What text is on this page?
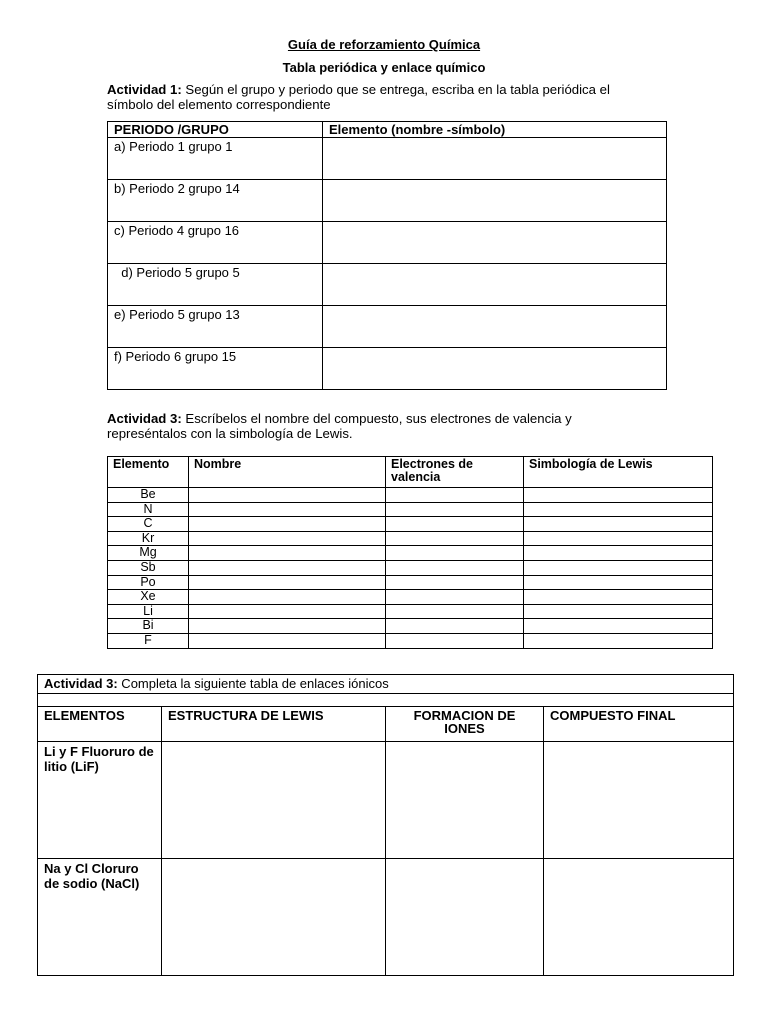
Guía de reforzamiento Química
Tabla periódica y enlace químico
Actividad 1: Según el grupo y periodo que se entrega, escriba en la tabla periódica el símbolo del elemento correspondiente
PERIODO /GRUPO	Elemento (nombre -símbolo)
a) Periodo 1 grupo 1	
b) Periodo 2 grupo 14	
c) Periodo 4 grupo 16	
d) Periodo 5 grupo 5	
e) Periodo 5 grupo 13	
f) Periodo 6 grupo 15	
Actividad 3: Escríbelos el nombre del compuesto, sus electrones de valencia y represéntalos con la simbología de Lewis.
Elemento	Nombre	Electrones de valencia	Simbología de Lewis
Be			
N			
C			
Kr			
Mg			
Sb			
Po			
Xe			
Li			
Bi			
F			
Actividad 3: Completa la siguiente tabla de enlaces iónicos			

ELEMENTOS	ESTRUCTURA DE LEWIS	FORMACION DE IONES	COMPUESTO FINAL
Li y F Fluoruro de litio (LiF)			
Na y Cl Cloruro de sodio (NaCl)			
